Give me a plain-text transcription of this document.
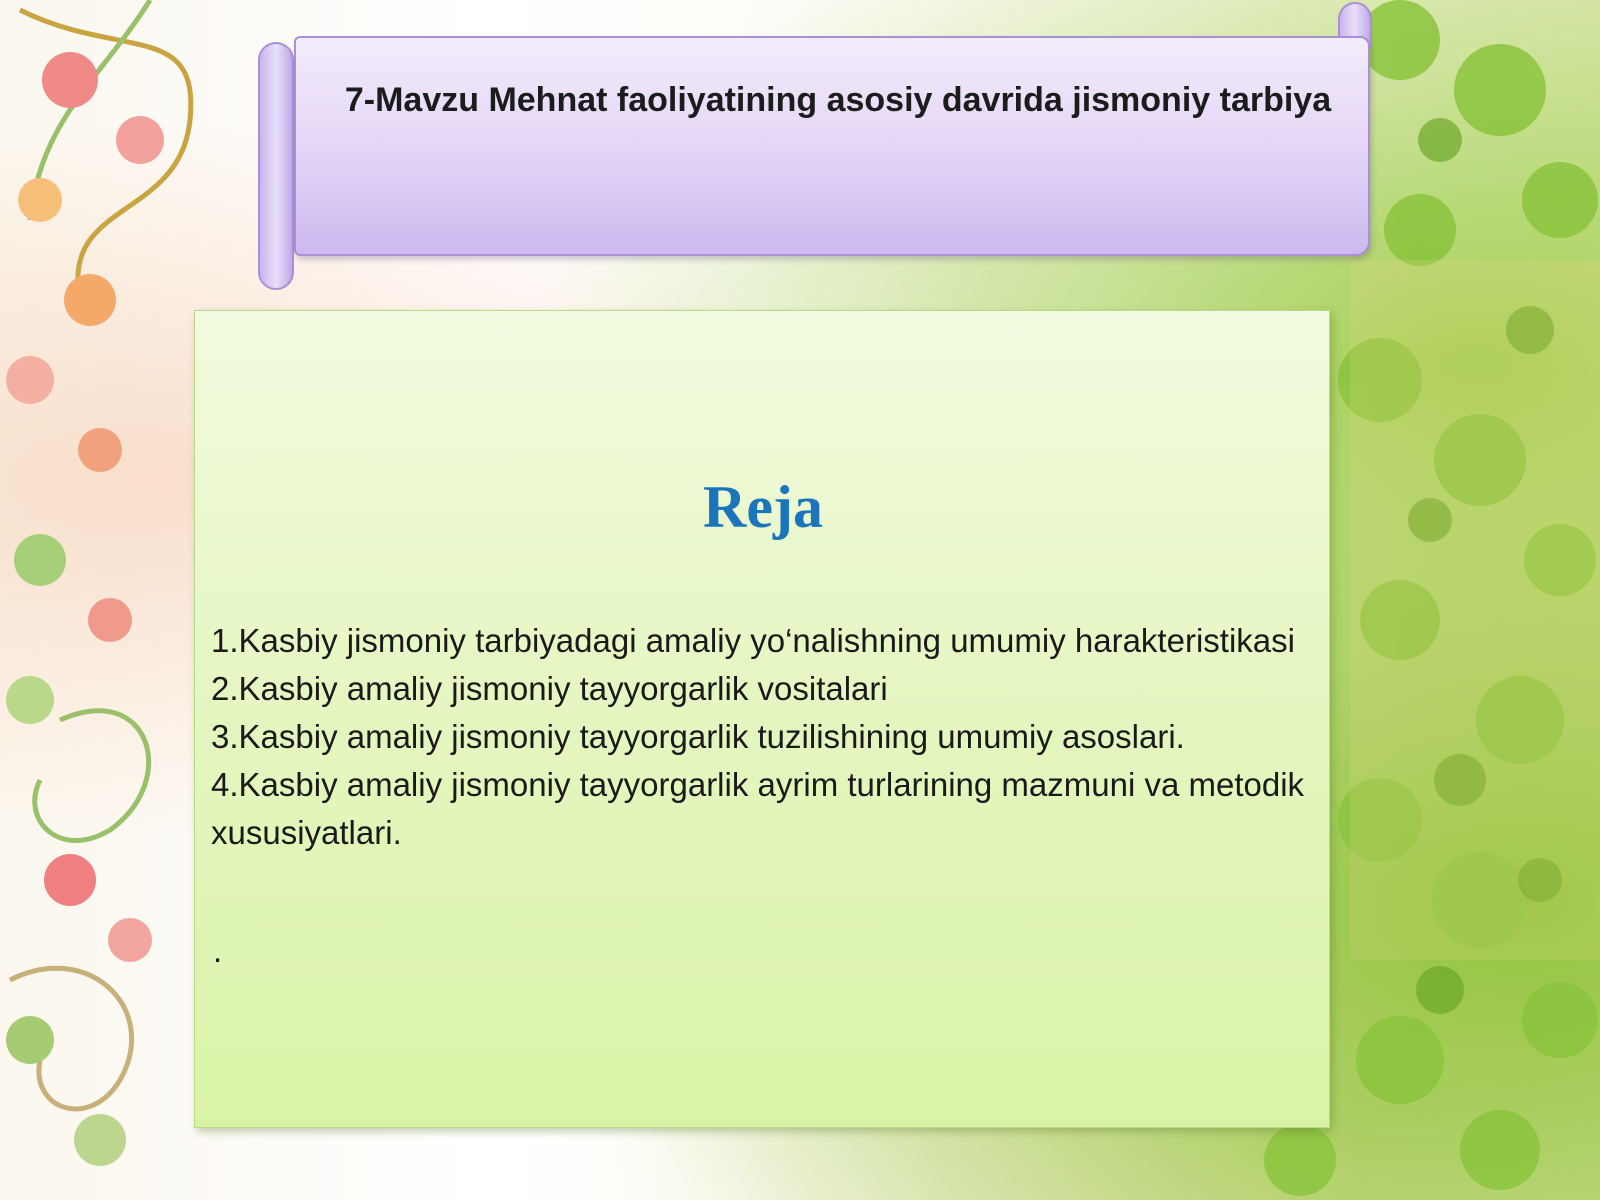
7-Mavzu Mehnat faoliyatining asosiy davrida jismoniy tarbiya
Reja
1.Kasbiy jismoniy tarbiyadagi amaliy yo‘nalishning umumiy harakteristikasi
2.Kasbiy amaliy jismoniy tayyorgarlik vositalari
3.Kasbiy amaliy jismoniy tayyorgarlik tuzilishining umumiy asoslari.
4.Kasbiy amaliy jismoniy tayyorgarlik ayrim turlarining mazmuni va metodik xususiyatlari.
.
